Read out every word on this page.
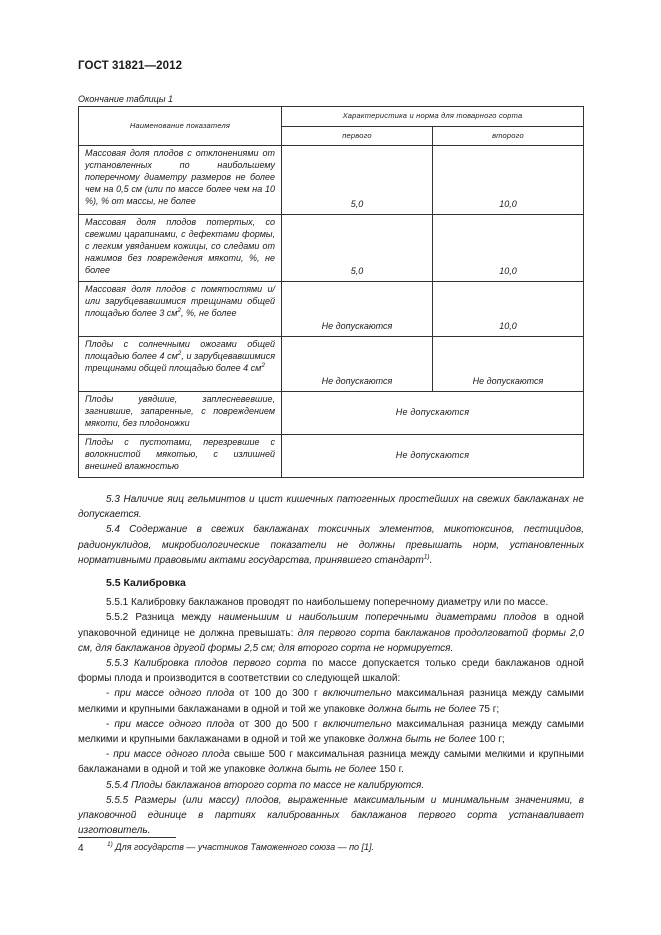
ГОСТ 31821—2012
Окончание таблицы 1
Наименование показателя	Характеристика и норма для товарного сорта	
	первого	второго
Массовая доля плодов с отклонениями от установленных по наибольшему поперечному диаметру размеров не более чем на 0,5 см (или по массе более чем на 10 %), % от массы, не более	5,0	10,0
Массовая доля плодов потертых, со свежими царапинами, с дефектами формы, с легким увяданием кожицы, со следами от нажимов без повреждения мякоти, %, не более	5,0	10,0
Массовая доля плодов с помятостями и/или зарубцевавшимися трещинами общей площадью более 3 $см^2$, %, не более	Не допускаются	10,0
Плоды с солнечными ожогами общей площадью более 4 $см^2$, и зарубцевавшимися трещинами общей площадью более 4 $см^2$	Не допускаются	Не допускаются
Плоды увядшие, заплесневевшие, загнившие, запаренные, с повреждением мякоти, без плодоножки	Не допускаются	
Плоды с пустотами, перезревшие с волокнистой мякотью, с излишней внешней влажностью	Не допускаются	

5.3 Наличие яиц гельминтов и цист кишечных патогенных простейших на свежих баклажанах не допускается.

5.4 Содержание в свежих баклажанах токсичных элементов, микотоксинов, пестицидов, радионуклидов, микробиологические показатели не должны превышать норм, установленных нормативными правовыми актами государства, принявшего стандарт$^{1)}$.

5.5 Калибровка

5.5.1 Калибровку баклажанов проводят по наибольшему поперечному диаметру или по массе.

5.5.2 Разница между наименьшим и наибольшим поперечными диаметрами плодов в одной упаковочной единице не должна превышать: для первого сорта баклажанов продолговатой формы 2,0 см, для баклажанов другой формы 2,5 см; для второго сорта не нормируется.

5.5.3 Калибровка плодов первого сорта по массе допускается только среди баклажанов одной формы плода и производится в соответствии со следующей шкалой:

- при массе одного плода от 100 до 300 г включительно максимальная разница между самыми мелкими и крупными баклажанами в одной и той же упаковке должна быть не более 75 г;

- при массе одного плода от 300 до 500 г включительно максимальная разница между самыми мелкими и крупными баклажанами в одной и той же упаковке должна быть не более 100 г;

- при массе одного плода свыше 500 г максимальная разница между самыми мелкими и крупными баклажанами в одной и той же упаковке должна быть не более 150 г.

5.5.4 Плоды баклажанов второго сорта по массе не калибруются.

5.5.5 Размеры (или массу) плодов, выраженные максимальным и минимальным значениями, в упаковочной единице в партиях калиброванных баклажанов первого сорта устанавливает изготовитель.

4	$^{1)}$ Для государств — участников Таможенного союза — по [1].
